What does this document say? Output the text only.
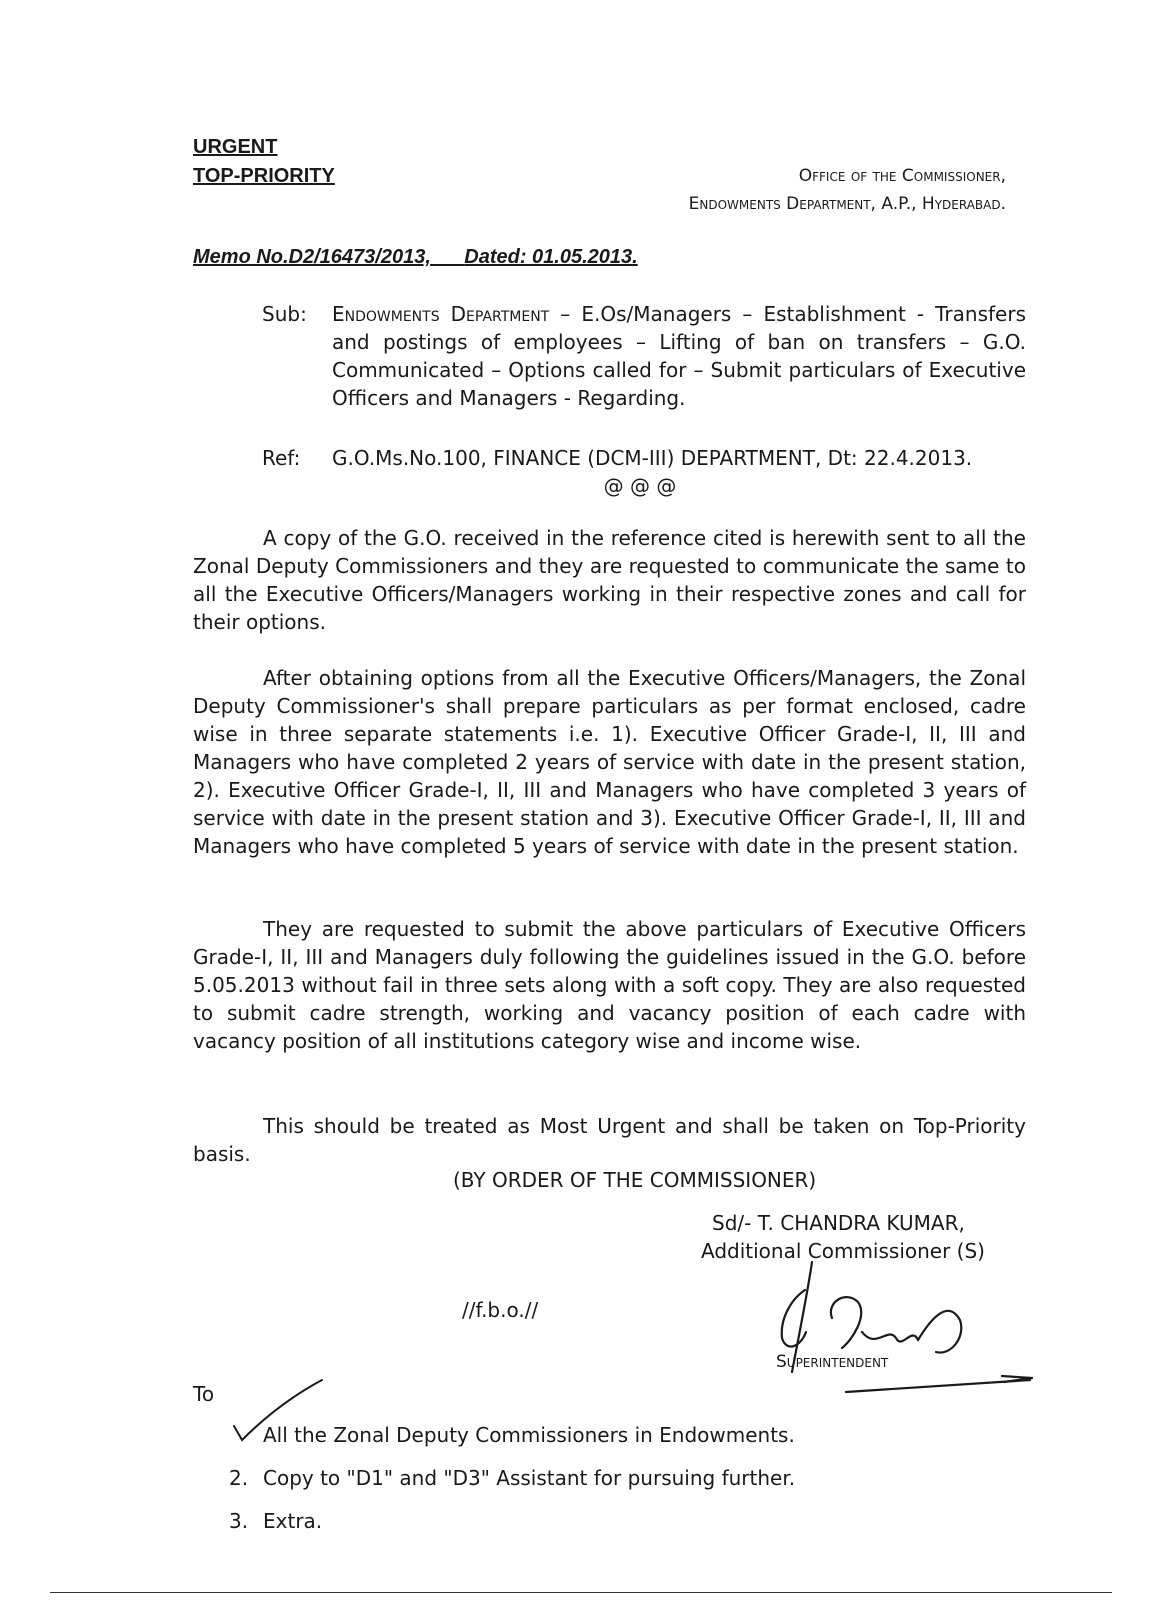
URGENT
TOP-PRIORITY	Office of the Commissioner,
Endowments Department, A.P., Hyderabad.
Memo No.D2/16473/2013, Dated: 01.05.2013.
Sub:	Endowments Department – E.Os/Managers – Establishment - Transfers and postings of employees – Lifting of ban on transfers – G.O. Communicated – Options called for – Submit particulars of Executive Officers and Managers - Regarding.
Ref:	G.O.Ms.No.100, FINANCE (DCM-III) DEPARTMENT, Dt: 22.4.2013.
@ @ @
A copy of the G.O. received in the reference cited is herewith sent to all the Zonal Deputy Commissioners and they are requested to communicate the same to all the Executive Officers/Managers working in their respective zones and call for their options.
After obtaining options from all the Executive Officers/Managers, the Zonal Deputy Commissioner's shall prepare particulars as per format enclosed, cadre wise in three separate statements i.e. 1). Executive Officer Grade-I, II, III and Managers who have completed 2 years of service with date in the present station, 2). Executive Officer Grade-I, II, III and Managers who have completed 3 years of service with date in the present station and 3). Executive Officer Grade-I, II, III and Managers who have completed 5 years of service with date in the present station.
They are requested to submit the above particulars of Executive Officers Grade-I, II, III and Managers duly following the guidelines issued in the G.O. before 5.05.2013 without fail in three sets along with a soft copy. They are also requested to submit cadre strength, working and vacancy position of each cadre with vacancy position of all institutions category wise and income wise.
This should be treated as Most Urgent and shall be taken on Top-Priority basis.
(BY ORDER OF THE COMMISSIONER)
Sd/- T. CHANDRA KUMAR,
Additional Commissioner (S)
//f.b.o.//
Superintendent
To
All the Zonal Deputy Commissioners in Endowments.
2. Copy to "D1" and "D3" Assistant for pursuing further.
3. Extra.
